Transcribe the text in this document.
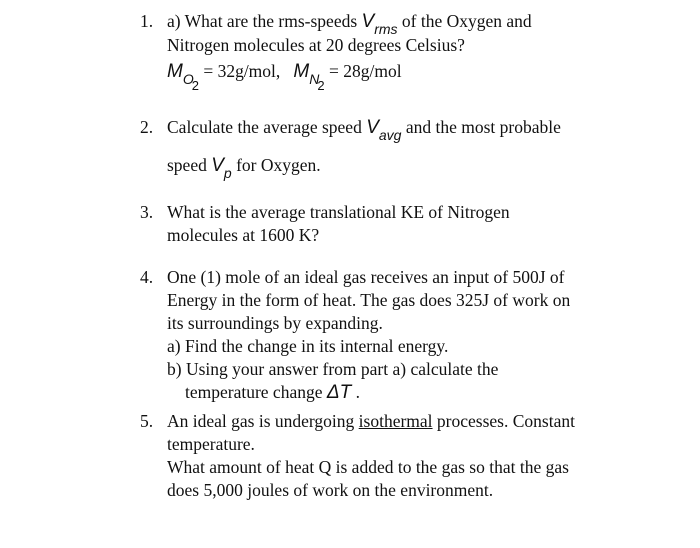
1. a) What are the rms-speeds $V_{rms}$ of the Oxygen and
Nitrogen molecules at 20 degrees Celsius?
$M_{O2} = 32g/mol$, $M_{N2} = 28g/mol$
2. Calculate the average speed $V_{avg}$ and the most probable
speed $V_p$ for Oxygen.
3. What is the average translational KE of Nitrogen
molecules at 1600 K?
4. One (1) mole of an ideal gas receives an input of 500J of
Energy in the form of heat. The gas does 325J of work on
its surroundings by expanding.
a) Find the change in its internal energy.
b) Using your answer from part a) calculate the
temperature change ΔT .
5. An ideal gas is undergoing isothermal processes. Constant
temperature.
What amount of heat Q is added to the gas so that the gas
does 5,000 joules of work on the environment.
